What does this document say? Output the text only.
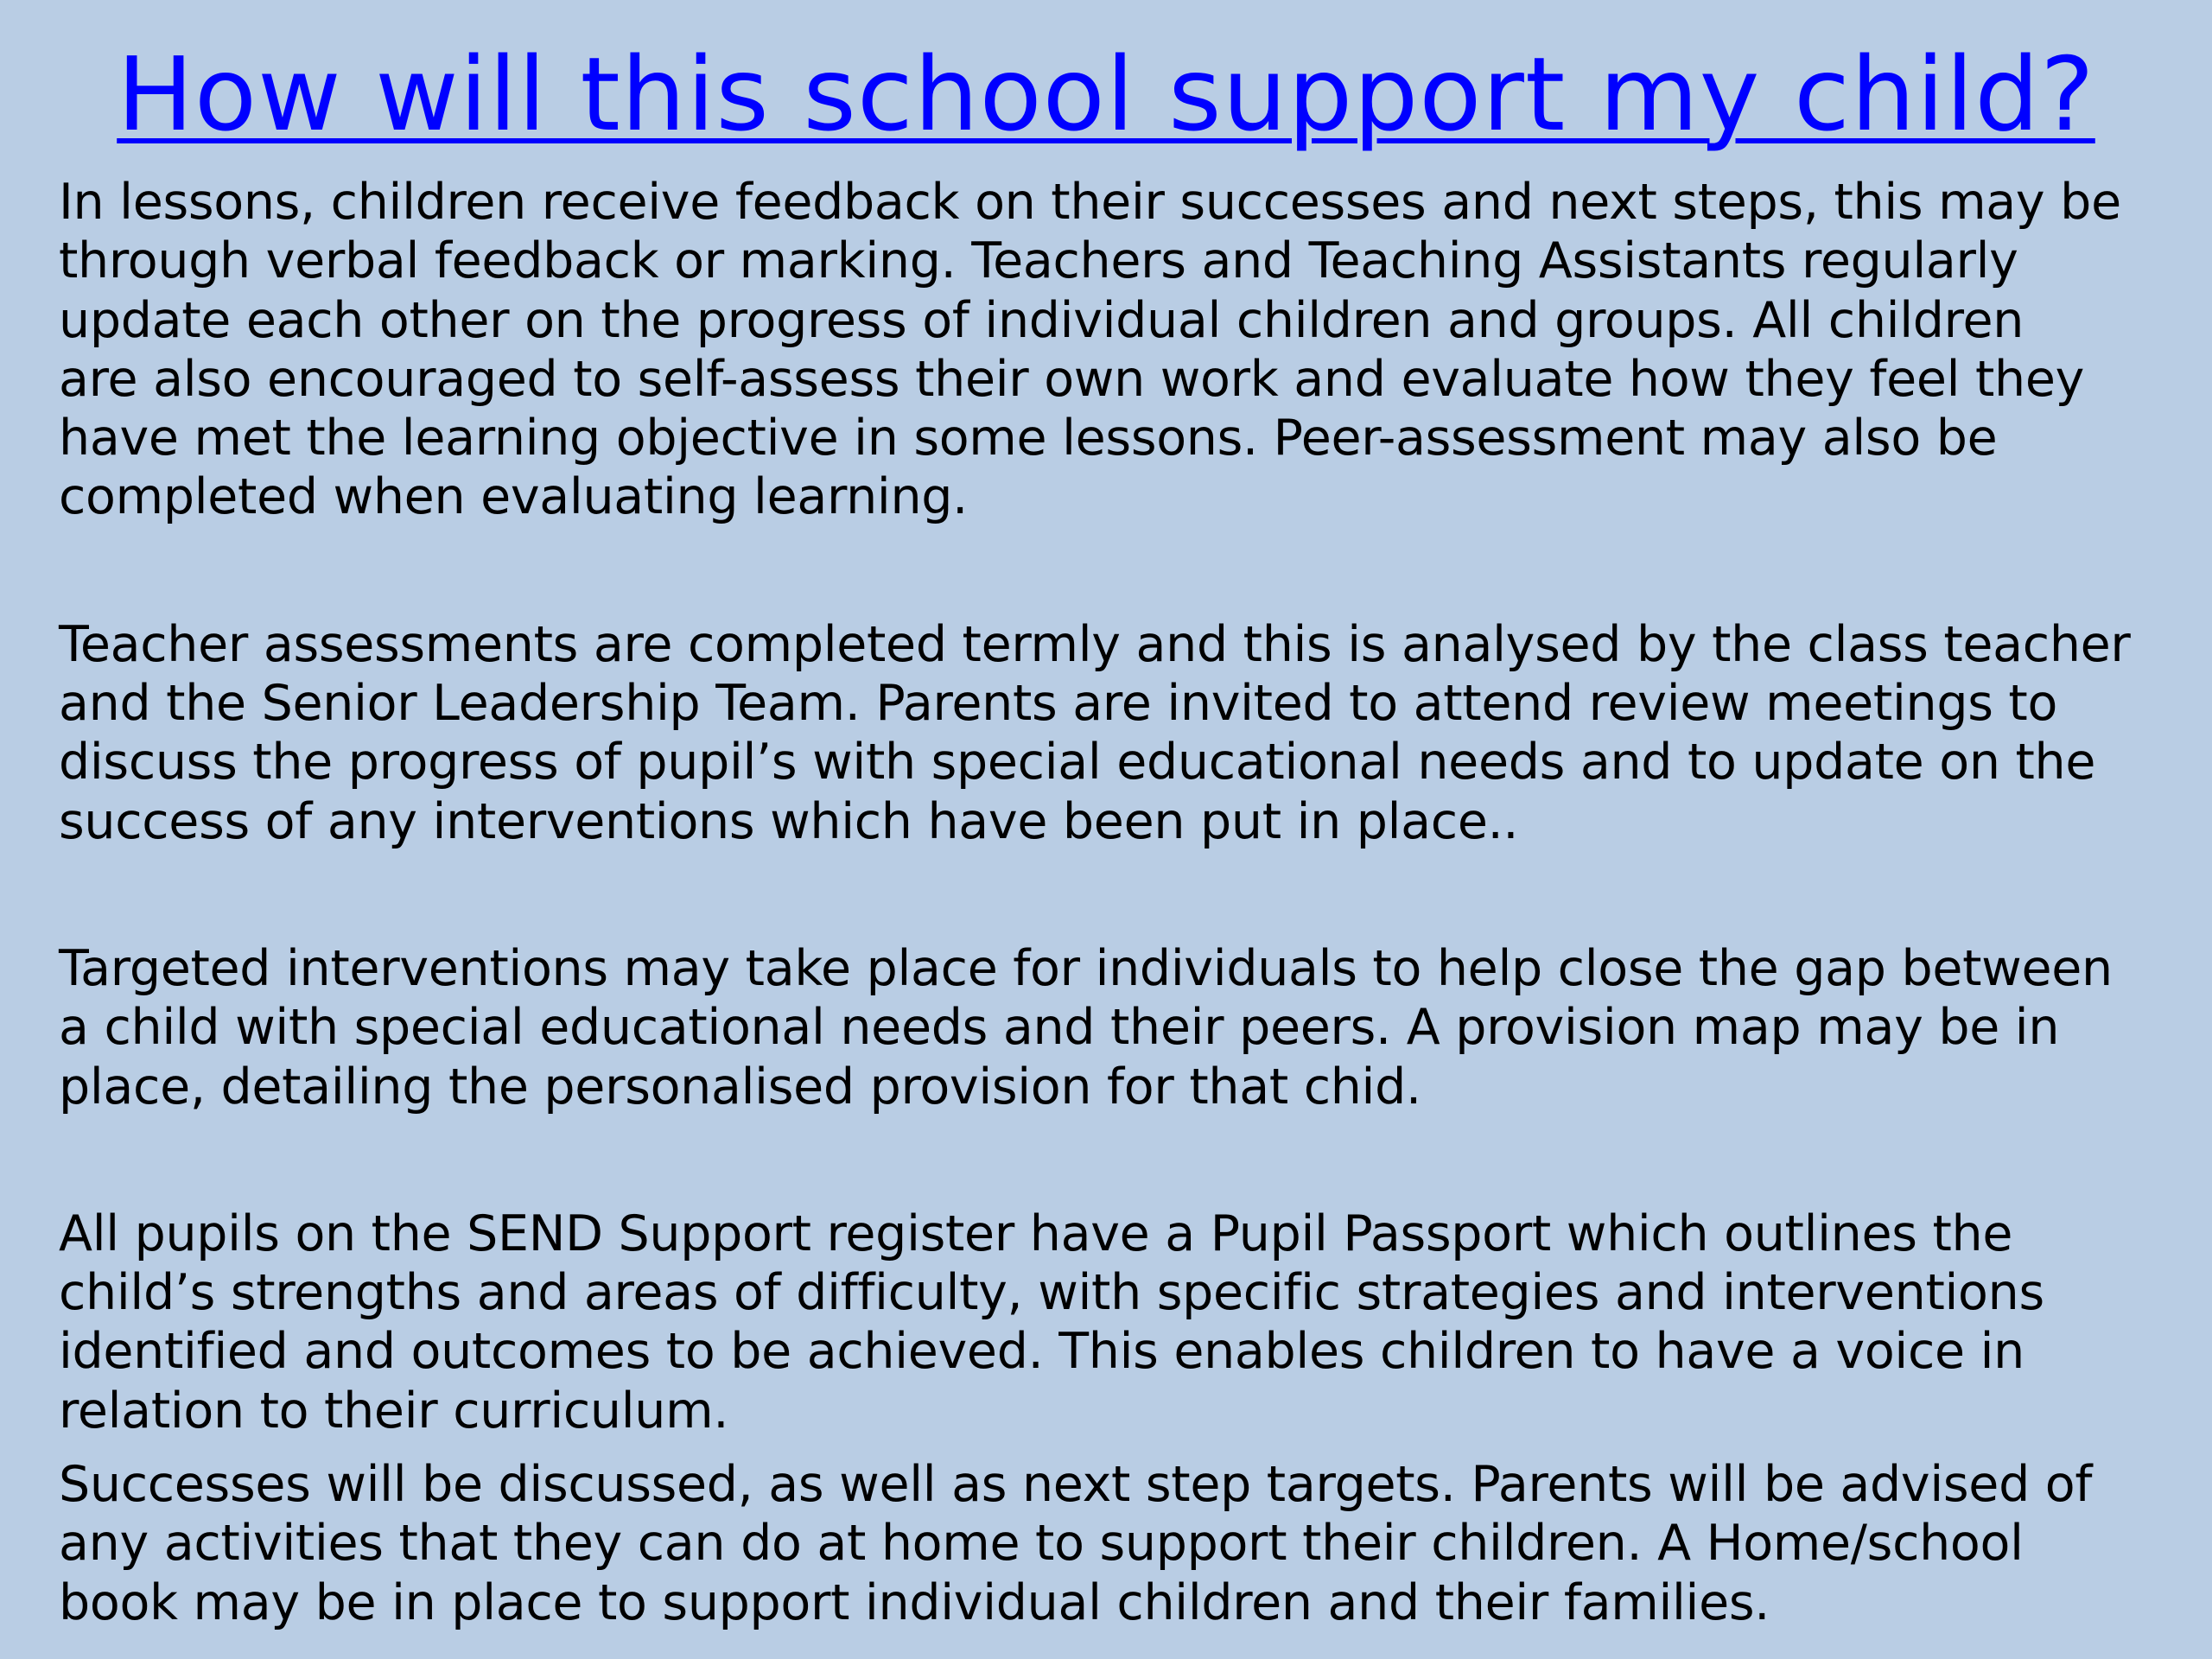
How will this school support my child?

In lessons, children receive feedback on their successes and next steps, this may be
through verbal feedback or marking. Teachers and Teaching Assistants regularly
update each other on the progress of individual children and groups. All children
are also encouraged to self-assess their own work and evaluate how they feel they
have met the learning objective in some lessons. Peer-assessment may also be
completed when evaluating learning.

Teacher assessments are completed termly and this is analysed by the class teacher
and the Senior Leadership Team. Parents are invited to attend review meetings to
discuss the progress of pupil’s with special educational needs and to update on the
success of any interventions which have been put in place..

Targeted interventions may take place for individuals to help close the gap between
a child with special educational needs and their peers. A provision map may be in
place, detailing the personalised provision for that chid.

All pupils on the SEND Support register have a Pupil Passport which outlines the
child’s strengths and areas of difficulty, with specific strategies and interventions
identified and outcomes to be achieved. This enables children to have a voice in
relation to their curriculum.

Successes will be discussed, as well as next step targets. Parents will be advised of
any activities that they can do at home to support their children. A Home/school
book may be in place to support individual children and their families.
